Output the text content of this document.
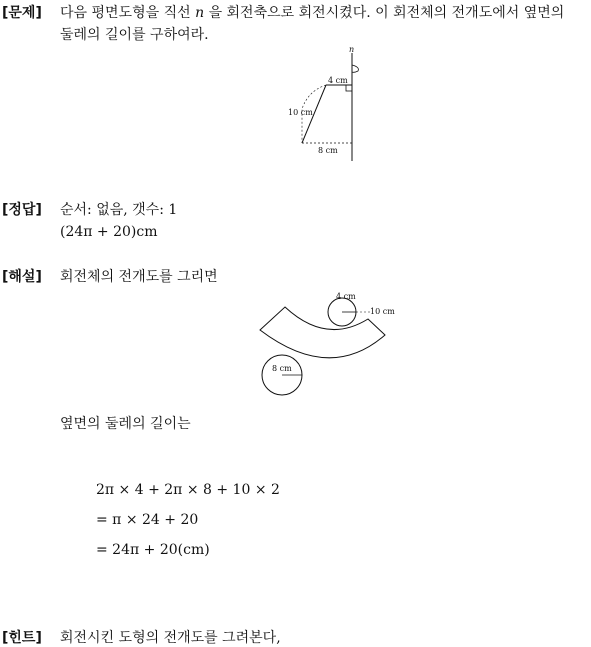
[문제] 다음 평면도형을 직선 n 을 회전축으로 회전시켰다. 이 회전체의 전개도에서 옆면의
둘레의 길이를 구하여라.
n
4 cm
10 cm
8 cm
[정답] 순서: 없음, 갯수: 1
(24π + 20)cm
[해설] 회전체의 전개도를 그리면
4 cm
10 cm
8 cm
옆면의 둘레의 길이는
2π × 4 + 2π × 8 + 10 × 2
= π × 24 + 20
= 24π + 20(cm)
[힌트] 회전시킨 도형의 전개도를 그려본다,
